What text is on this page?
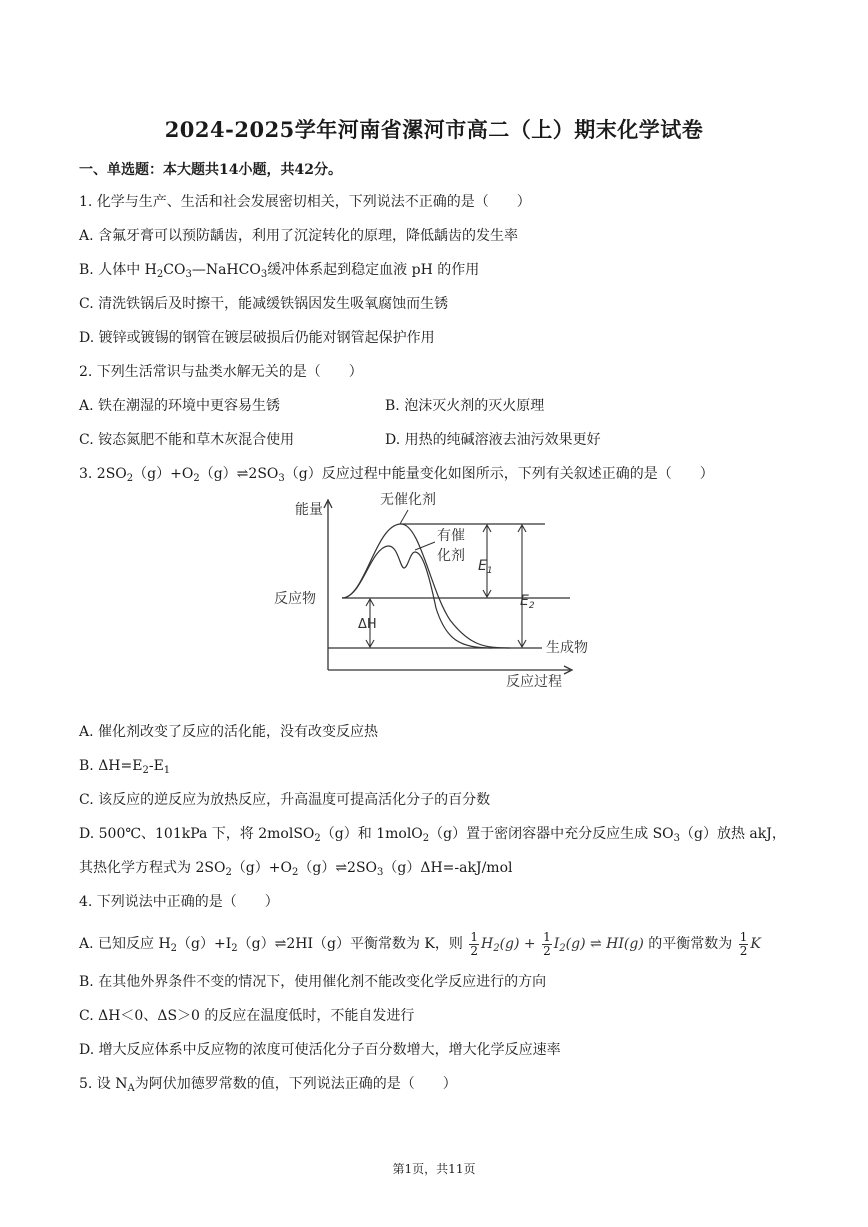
2024-2025学年河南省漯河市高二（上）期末化学试卷
一、单选题：本大题共14小题，共42分。
1. 化学与生产、生活和社会发展密切相关，下列说法不正确的是（　　）
A. 含氟牙膏可以预防龋齿，利用了沉淀转化的原理，降低龋齿的发生率
B. 人体中 $H_2CO_3—NaHCO_3$缓冲体系起到稳定血液 pH 的作用
C. 清洗铁锅后及时擦干，能减缓铁锅因发生吸氧腐蚀而生锈
D. 镀锌或镀锡的钢管在镀层破损后仍能对钢管起保护作用
2. 下列生活常识与盐类水解无关的是（　　）
A. 铁在潮湿的环境中更容易生锈	B. 泡沫灭火剂的灭火原理
C. 铵态氮肥不能和草木灰混合使用	D. 用热的纯碱溶液去油污效果更好
3. $2SO_2(g)+O_2(g)\rightleftharpoons 2SO_3(g)$反应过程中能量变化如图所示，下列有关叙述正确的是（　　）
能量
反应过程
反应物
生成物
无催化剂
有催
化剂
$E_1$
$E_2$
ΔH
A. 催化剂改变了反应的活化能，没有改变反应热
B. $\Delta H=E_2-E_1$
C. 该反应的逆反应为放热反应，升高温度可提高活化分子的百分数
D. 500℃、101kPa 下，将 2molSO$_2$（g）和 1molO$_2$（g）置于密闭容器中充分反应生成 $SO_3(g)$放热 akJ，
其热化学方程式为 $2SO_2(g)+O_2(g)\rightleftharpoons 2SO_3(g)\Delta H=-akJ$/mol
4. 下列说法中正确的是（　　）
A. 已知反应 $H_2(g)+I_2(g)\rightleftharpoons 2HI(g)$平衡常数为 K，则 $\frac{1}{2} H_2(g) + \frac{1}{2} I_2(g)$ ⇌ HI(g) 的平衡常数为 $\frac{1}{2}$ K
B. 在其他外界条件不变的情况下，使用催化剂不能改变化学反应进行的方向
C. ΔH＜0、ΔS＞0 的反应在温度低时，不能自发进行
D. 增大反应体系中反应物的浓度可使活化分子百分数增大，增大化学反应速率
5. 设 $N_A$为阿伏加德罗常数的值，下列说法正确的是（　　）
第1页，共11页
